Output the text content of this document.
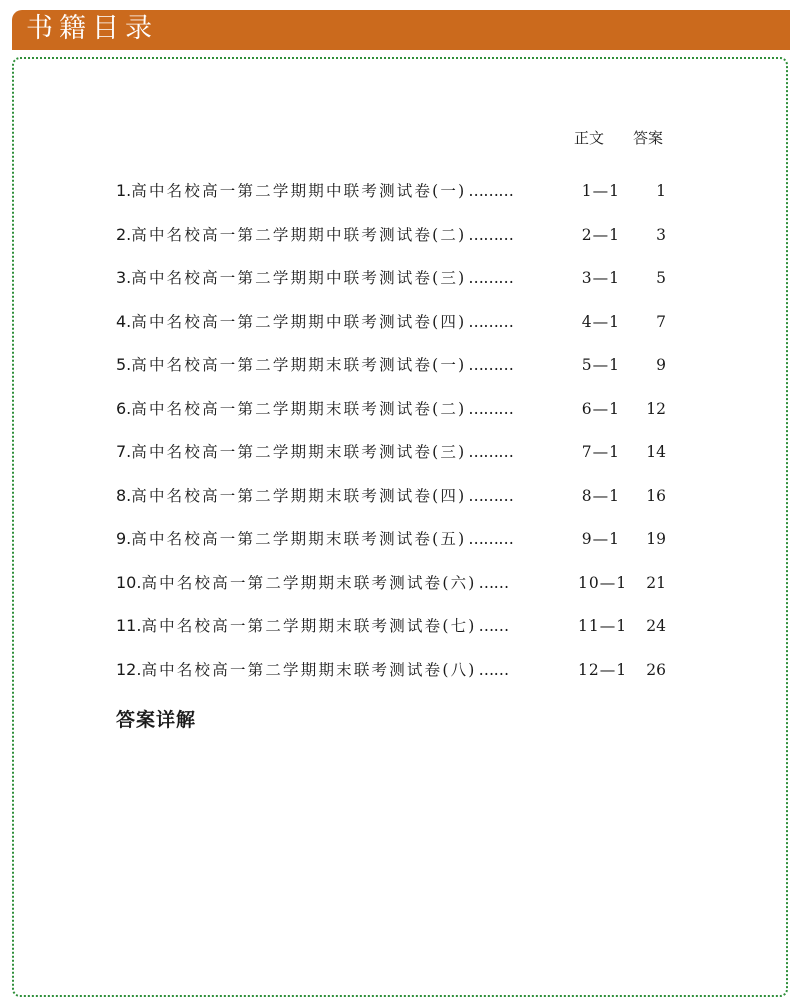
书籍目录
正文 答案
1.高中名校高一第二学期期中联考测试卷(一) ………	1—1	1
2.高中名校高一第二学期期中联考测试卷(二) ………	2—1	3
3.高中名校高一第二学期期中联考测试卷(三) ………	3—1	5
4.高中名校高一第二学期期中联考测试卷(四) ………	4—1	7
5.高中名校高一第二学期期末联考测试卷(一) ………	5—1	9
6.高中名校高一第二学期期末联考测试卷(二) ………	6—1	12
7.高中名校高一第二学期期末联考测试卷(三) ………	7—1	14
8.高中名校高一第二学期期末联考测试卷(四) ………	8—1	16
9.高中名校高一第二学期期末联考测试卷(五) ………	9—1	19
10.高中名校高一第二学期期末联考测试卷(六) ……	10—1	21
11.高中名校高一第二学期期末联考测试卷(七) ……	11—1	24
12.高中名校高一第二学期期末联考测试卷(八) ……	12—1	26
答案详解
